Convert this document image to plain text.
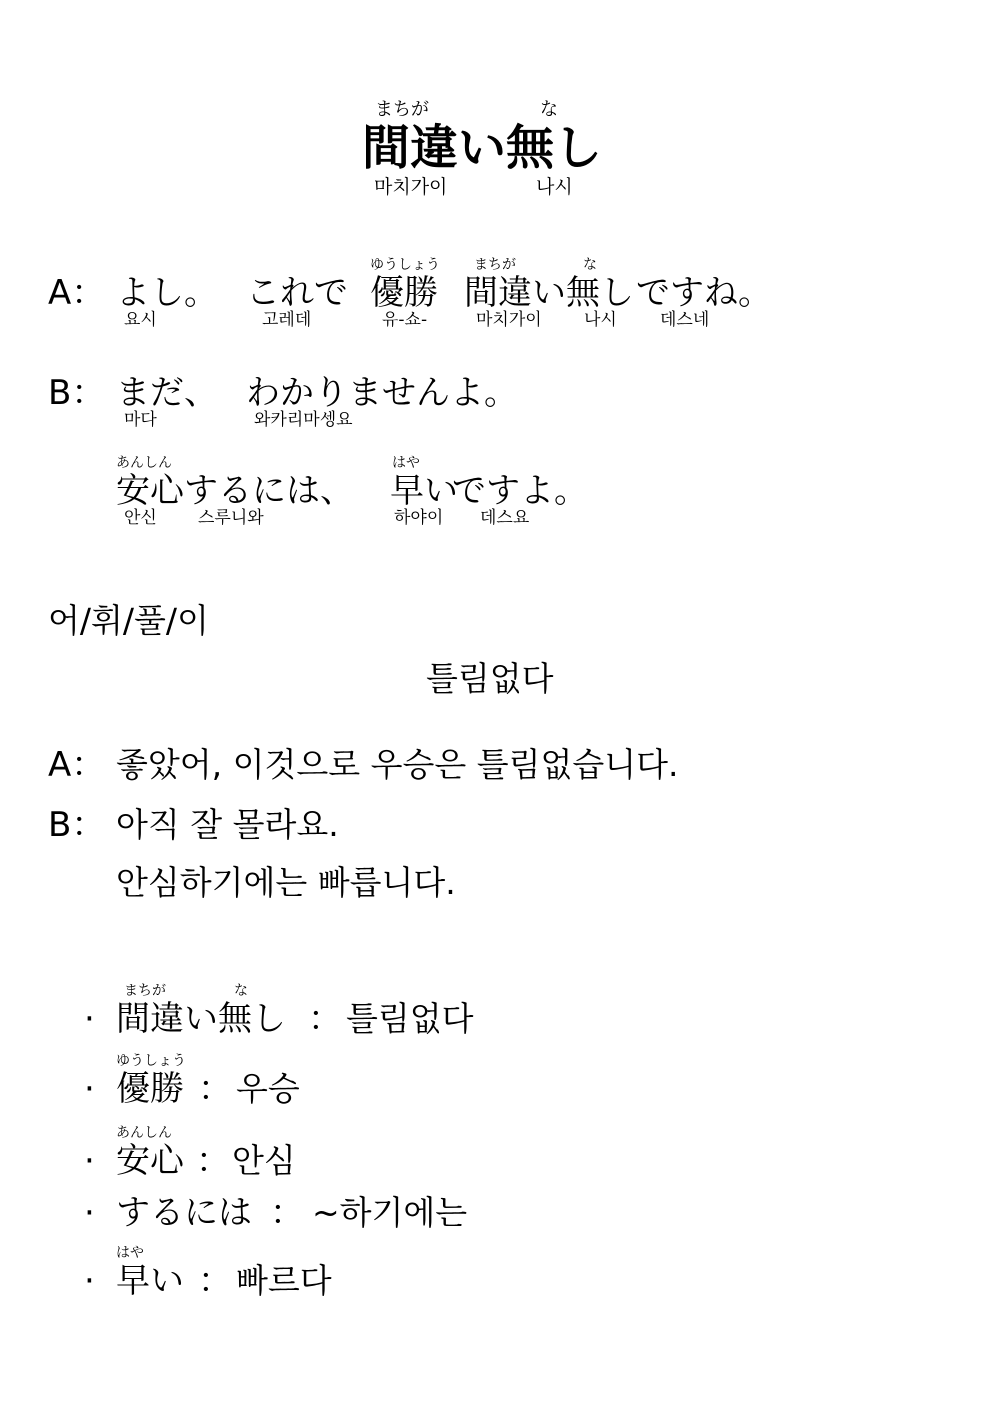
まちが	な
間違い無し
마치가이	나시
ゆうしょう まちが	な
A： よし。 これで 優勝 間違い無し ですね。
요시	고레데	유-쇼-	마치가이 나시	데스네
B： まだ、 わかりませんよ。
마다	와카리마셍요
あんしん	はや
安心 するには、 早い
ですよ。
안신 스루니와	하야이 데스요
어/휘/풀/이
틀림없다
A： 좋았어, 이것으로 우승은 틀림없습니다.
B： 아직 잘 몰라요.
안심하기에는 빠릅니다.
まちが	な
· 間違い無し ： 틀림없다
ゆうしょう
· 優勝 ： 우승
あんしん
· 安心 ： 안심
· するには ： ~하기에는
はや
· 早い ： 빠르다
